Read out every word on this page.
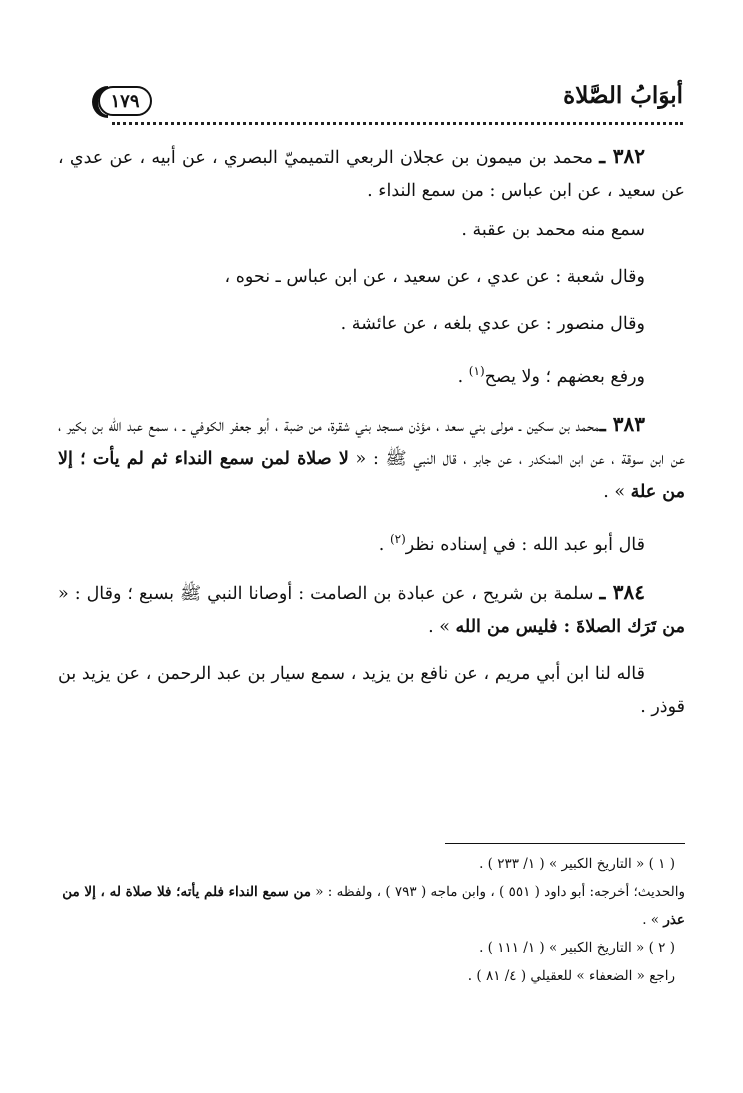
أبوَابُ الصَّلاة
١٧٩

٣٨٢ ـ محمد بن ميمون بن عجلان الربعي التميميّ البصري ، عن أبيه ، عن عدي ، عن سعيد ، عن ابن عباس : من سمع النداء .

سمع منه محمد بن عقبة .

وقال شعبة : عن عدي ، عن سعيد ، عن ابن عباس ـ نحوه ،

وقال منصور : عن عدي بلغه ، عن عائشة .

ورفع بعضهم ؛ ولا يصح$^{(١)}$ .

٣٨٣ ـمحمد بن سكين ـ مولى بني سعد ، مؤذن مسجد بني شقرة، من ضبة ، أبو جعفر الكوفي ـ ، سمع عبد الله بن بكير ، عن ابن سوقة ، عن ابن المنكدر ، عن جابر ، قال النبي ﷺ : « لا صلاة لمن سمع النداء ثم لم يأت ؛ إلا من علة » .

قال أبو عبد الله : في إسناده نظر$^{(٢)}$ .

٣٨٤ ـ سلمة بن شريح ، عن عبادة بن الصامت : أوصانا النبي ﷺ بسبع ؛ وقال : « من تَرَك الصلاةَ : فليس من الله » .

قاله لنا ابن أبي مريم ، عن نافع بن يزيد ، سمع سيار بن عبد الرحمن ، عن يزيد بن قوذر .

( ١ ) « التاريخ الكبير » ( ١/ ٢٣٣ ) .

والحديث؛ أخرجه: أبو داود ( ٥٥١ ) ، وابن ماجه ( ٧٩٣ ) ، ولفظه : « من سمع النداء فلم يأته؛ فلا صلاة له ، إلا من عذر » .

( ٢ ) « التاريخ الكبير » ( ١/ ١١١ ) .

راجع « الضعفاء » للعقيلي ( ٤/ ٨١ ) .
